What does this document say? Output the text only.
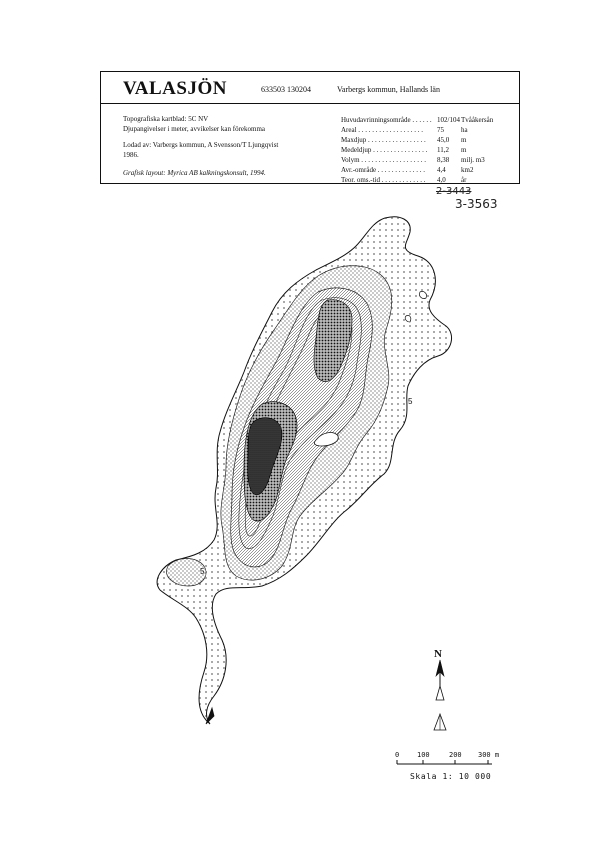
VALASJÖN	633503 130204	Varbergs kommun, Hallands län
Topografiska kartblad: 5C NV
Djupangivelser i meter, avvikelser kan förekomma
Lodad av: Varbergs kommun, A Svensson/T Ljungqvist
1986.
Grafisk layout: Myrica AB kalkningskonsult, 1994.
Huvudavrinningsområde . . . . . .	102/104	Tvååkersån
Areal . . . . . . . . . . . . . . . . . . .	75	ha
Maxdjup . . . . . . . . . . . . . . . . .	45,0	m
Medeldjup . . . . . . . . . . . . . . . .	11,2	m
Volym . . . . . . . . . . . . . . . . . . .	8,38	milj. m3
Avr.-område . . . . . . . . . . . . . .	4,4	km2
Teor. oms.-tid . . . . . . . . . . . . .	4,0	år
2-3443
3-3563
5
5
N
0	100	200 300 m
Skala 1: 10 000
